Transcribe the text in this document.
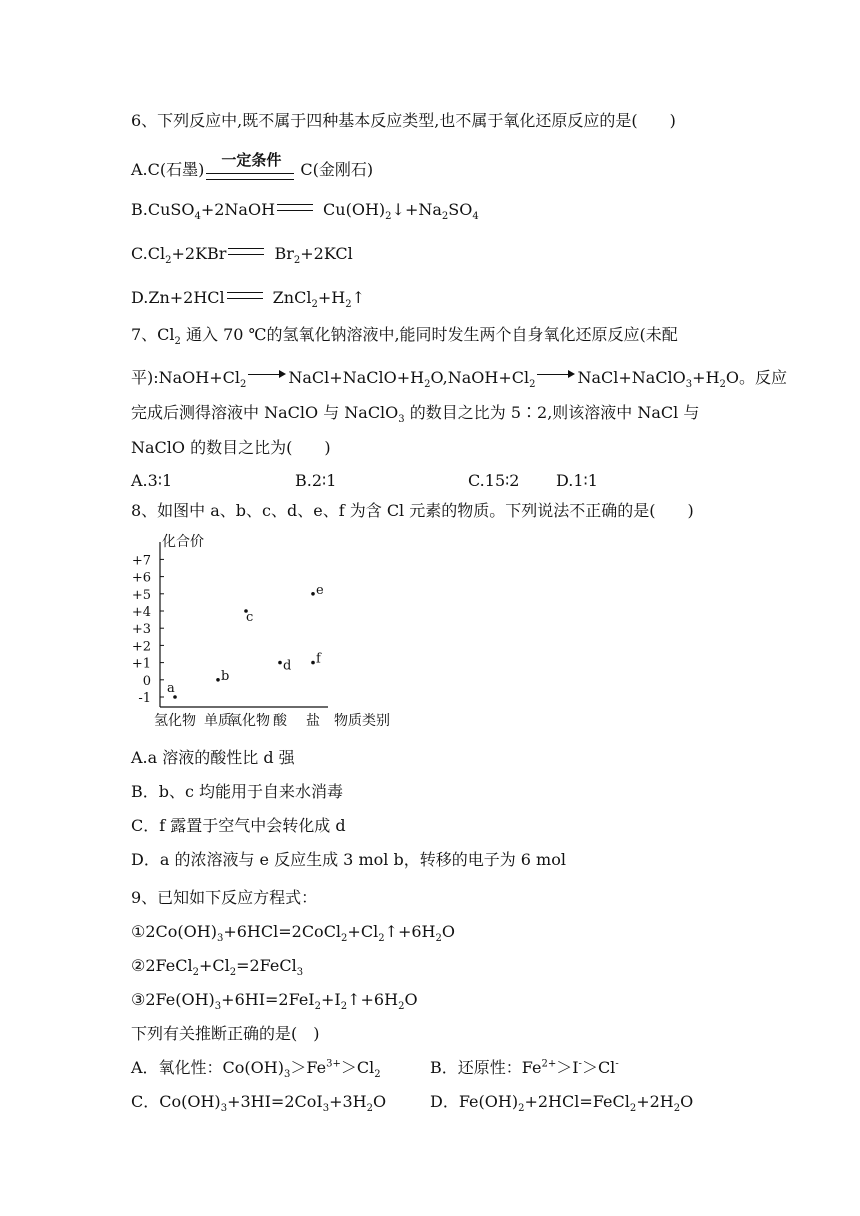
6、下列反应中,既不属于四种基本反应类型,也不属于氧化还原反应的是(　　)
A.C(石墨)
一定条件
C(金刚石)
B.CuSO$_4$+2NaOH	$Cu(OH)_2↓+Na_2SO_4$
$C.Cl_2+2KBr$	$Br_2+2KCl$
D.Zn+2HCl	$ZnCl_2+H_2↑$
7、$Cl_2$ 通入 70 ℃的氢氧化钠溶液中,能同时发生两个自身氧化还原反应(未配
平)$:NaOH+Cl_2$	$NaCl+NaClO+H_2O,NaOH+Cl_2$	$NaCl+NaClO_3+H_2O$。反应
完成后测得溶液中 NaClO 与 NaClO$_3$ 的数目之比为 5∶2,则该溶液中 NaCl 与
NaClO 的数目之比为(　　)
A.3∶1	B.2∶1	C.15∶2 D.1∶1
8、如图中 a、b、c、d、e、f 为含 Cl 元素的物质。下列说法不正确的是(　　)
+7
+6
+5
+4
+3
+2
+1
0
-1
氢化物 单质
氧化物 酸 盐
a
b
c
d
e
f
化合价
物质类别
A.a 溶液的酸性比 d 强
B．b、c 均能用于自来水消毒
C．f 露置于空气中会转化成 d
D．a 的浓溶液与 e 反应生成 3 mol b，转移的电子为 6 mol
9、已知如下反应方程式：
$①2Co(OH)_3+6HCl=2CoCl_2+Cl_2↑+6H_2O$
$②2FeCl_2+Cl_2=2FeCl_3$
$③2Fe(OH)_3+6HI=2FeI_2+I_2↑+6H_2O$
下列有关推断正确的是(　)
A．氧化性：$Co(OH)_3>Fe^{3+}>Cl_2$	B．还原性：$Fe^{2+}>I^->Cl^-$
C．$Co(OH)_3+3HI=2CoI_3+3H_2O$	D．$Fe(OH)_2+2HCl=FeCl_2+2H_2O$
